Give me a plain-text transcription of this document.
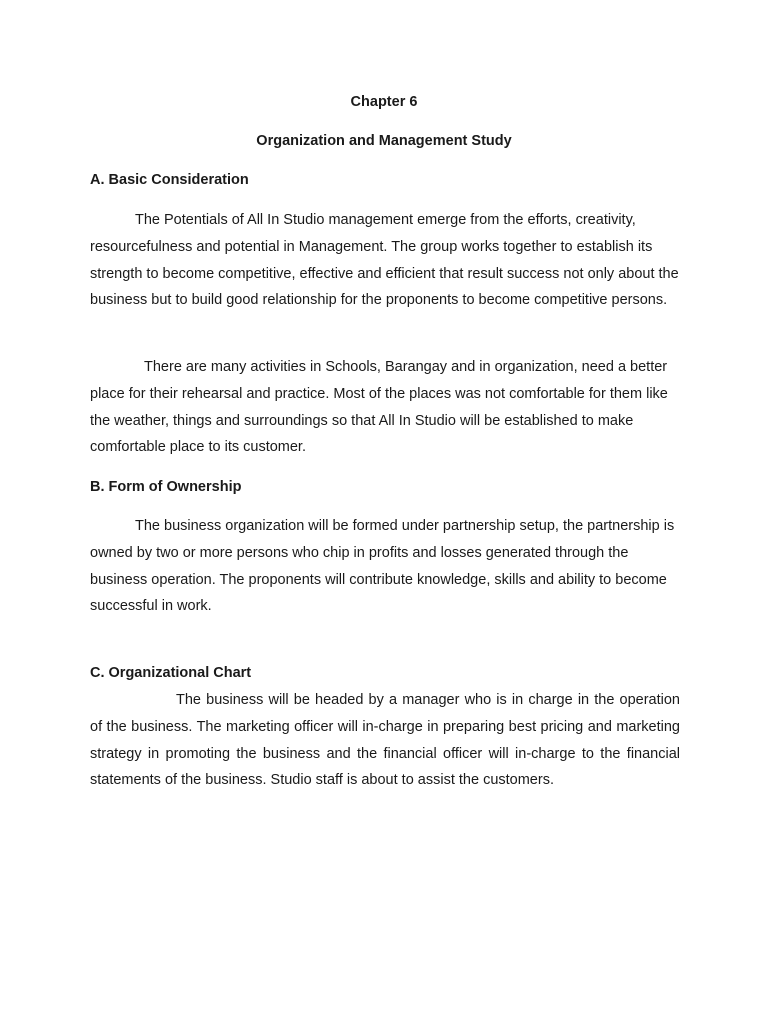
Chapter 6
Organization and Management Study
A. Basic Consideration

The Potentials of All In Studio management emerge from the efforts, creativity, resourcefulness and potential in Management. The group works together to establish its strength to become competitive, effective and efficient that result success not only about the business but to build good relationship for the proponents to become competitive persons.

There are many activities in Schools, Barangay and in organization, need a better place for their rehearsal and practice. Most of the places was not comfortable for them like the weather, things and surroundings so that All In Studio will be established to make comfortable place to its customer.

B. Form of Ownership

The business organization will be formed under partnership setup, the partnership is owned by two or more persons who chip in profits and losses generated through the business operation. The proponents will contribute knowledge, skills and ability to become successful in work.

C. Organizational Chart

The business will be headed by a manager who is in charge in the operation of the business. The marketing officer will in-charge in preparing best pricing and marketing strategy in promoting the business and the financial officer will in-charge to the financial statements of the business. Studio staff is about to assist the customers.
